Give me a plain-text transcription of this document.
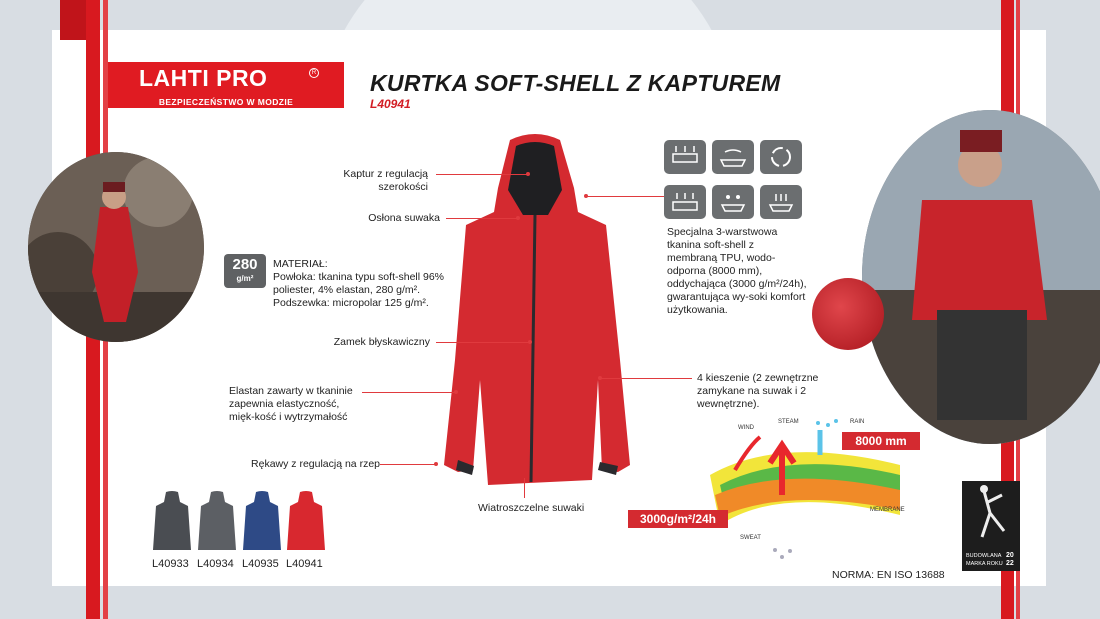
LAHTI PRO	R
BEZPIECZEŃSTWO W MODZIE
KURTKA SOFT-SHELL Z KAPTUREM
L40941
Kaptur z regulacją szerokości
Osłona suwaka
MATERIAŁ:
Powłoka: tkanina typu soft-shell 96% poliester, 4% elastan, 280 g/m².
Podszewka: micropolar 125 g/m².
Zamek błyskawiczny
Elastan zawarty w tkaninie zapewnia elastyczność, mięk-kość i wytrzymałość
Rękawy z regulacją na rzep
Wiatroszczelne suwaki
Specjalna 3-warstwowa tkanina soft-shell z membraną TPU, wodo-odporna (8000 mm), oddychająca (3000 g/m²/24h), gwarantująca wy-soki komfort użytkowania.
4 kieszenie (2 zewnętrzne zamykane na suwak i 2 wewnętrzne).
280
g/m²
WIND
STEAM	RAIN
MEMBRANE
SWEAT
8000 mm
3000g/m²/24h
L40933 L40934 L40935 L40941
NORMA: EN ISO 13688
BUDOWLANA
MARKA ROKU
20
22
